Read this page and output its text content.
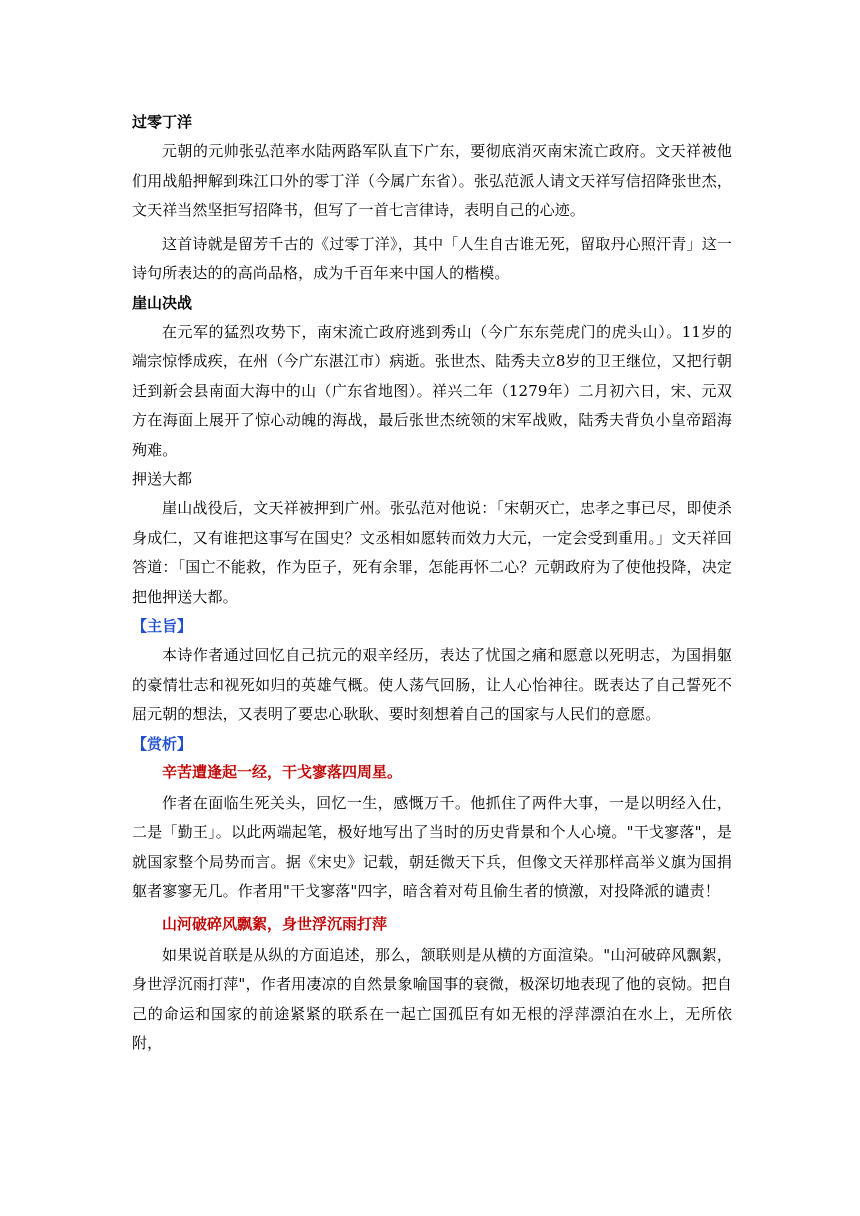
过零丁洋
元朝的元帅张弘范率水陆两路军队直下广东，要彻底消灭南宋流亡政府。文天祥被他们用战船押解到珠江口外的零丁洋（今属广东省）。张弘范派人请文天祥写信招降张世杰，文天祥当然坚拒写招降书，但写了一首七言律诗，表明自己的心迹。
这首诗就是留芳千古的《过零丁洋》，其中「人生自古谁无死，留取丹心照汗青」这一诗句所表达的的高尚品格，成为千百年来中国人的楷模。
崖山决战
在元军的猛烈攻势下，南宋流亡政府逃到秀山（今广东东莞虎门的虎头山）。11岁的端宗惊悸成疾，在州（今广东湛江市）病逝。张世杰、陆秀夫立8岁的卫王继位，又把行朝迁到新会县南面大海中的山（广东省地图）。祥兴二年（1279年）二月初六日，宋、元双方在海面上展开了惊心动魄的海战，最后张世杰统领的宋军战败，陆秀夫背负小皇帝蹈海殉难。
押送大都
崖山战役后，文天祥被押到广州。张弘范对他说：「宋朝灭亡，忠孝之事已尽，即使杀身成仁，又有谁把这事写在国史？文丞相如愿转而效力大元，一定会受到重用。」文天祥回答道：「国亡不能救，作为臣子，死有余罪，怎能再怀二心？元朝政府为了使他投降，决定把他押送大都。
【主旨】
本诗作者通过回忆自己抗元的艰辛经历，表达了忧国之痛和愿意以死明志，为国捐躯的豪情壮志和视死如归的英雄气概。使人荡气回肠，让人心怡神往。既表达了自己誓死不屈元朝的想法，又表明了要忠心耿耿、要时刻想着自己的国家与人民们的意愿。
【赏析】
辛苦遭逢起一经，干戈寥落四周星。
作者在面临生死关头，回忆一生，感慨万千。他抓住了两件大事，一是以明经入仕，二是「勤王」。以此两端起笔，极好地写出了当时的历史背景和个人心境。"干戈寥落"，是就国家整个局势而言。据《宋史》记载，朝廷微天下兵，但像文天祥那样高举义旗为国捐躯者寥寥无几。作者用"干戈寥落"四字，暗含着对苟且偷生者的愤激，对投降派的谴责！
山河破碎风飘絮，身世浮沉雨打萍
如果说首联是从纵的方面追述，那么，颔联则是从横的方面渲染。"山河破碎风飘絮，身世浮沉雨打萍"，作者用凄凉的自然景象喻国事的衰微，极深切地表现了他的哀恸。把自己的命运和国家的前途紧紧的联系在一起亡国孤臣有如无根的浮萍漂泊在水上，无所依附，
